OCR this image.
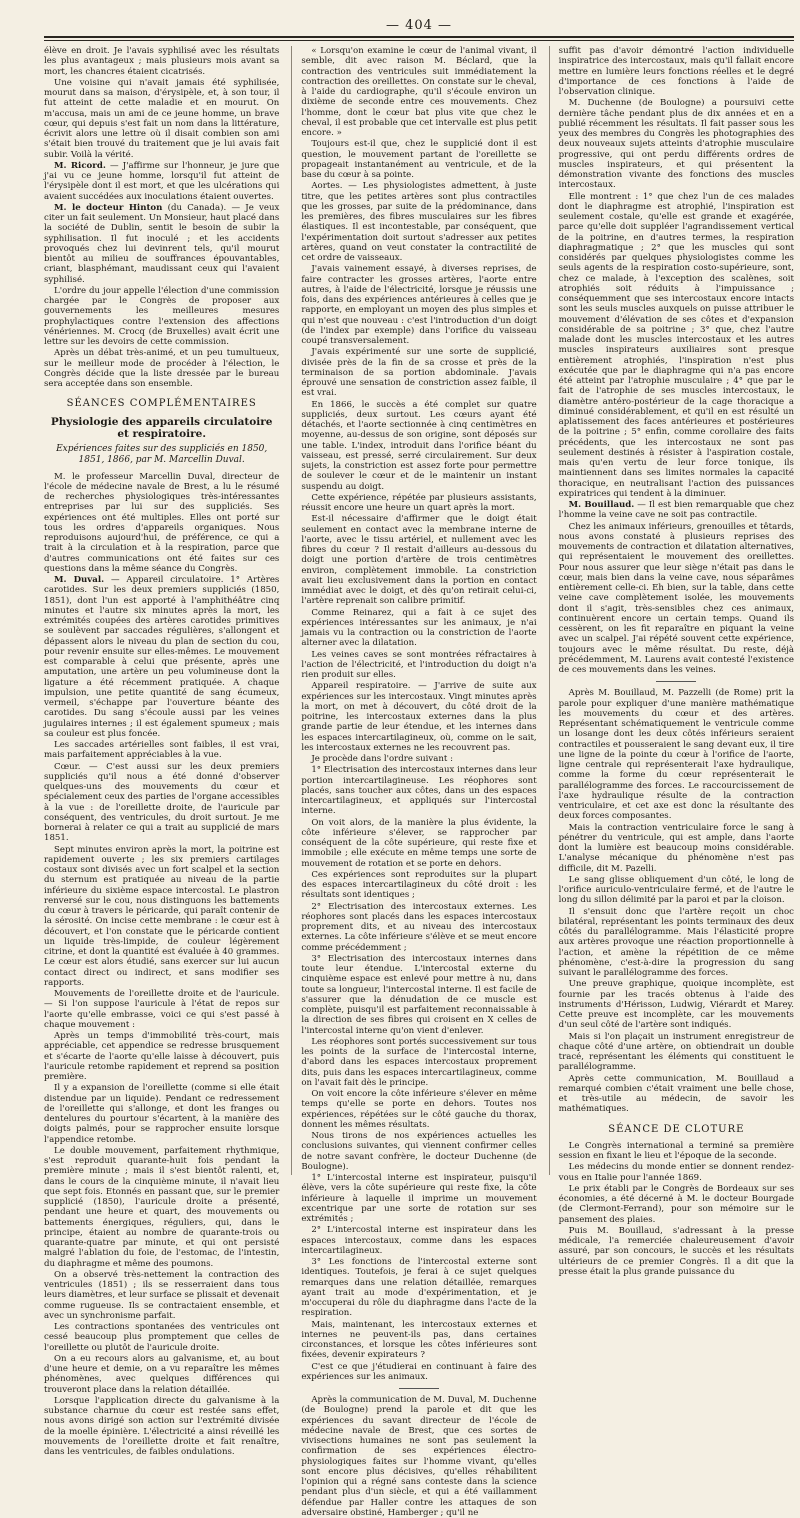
— 404 —

élève en droit. Je l'avais syphilisé avec les résultats les plus avantageux ; mais plusieurs mois avant sa mort, les chancres étaient cicatrisés.

Une voisine qui n'avait jamais été syphilisée, mourut dans sa maison, d'érysipèle, et, à son tour, il fut atteint de cette maladie et en mourut. On m'accusa, mais un ami de ce jeune homme, un brave cœur, qui depuis s'est fait un nom dans la littérature, écrivit alors une lettre où il disait combien son ami s'était bien trouvé du traitement que je lui avais fait subir. Voilà la vérité.

M. Ricord. — J'affirme sur l'honneur, je jure que j'ai vu ce jeune homme, lorsqu'il fut atteint de l'érysipèle dont il est mort, et que les ulcérations qui avaient succédées aux inoculations étaient ouvertes.

M. le docteur Hinton (du Canada). — Je veux citer un fait seulement. Un Monsieur, haut placé dans la société de Dublin, sentit le besoin de subir la syphilisation. Il fut inoculé ; et les accidents provoqués chez lui devinrent tels, qu'il mourut bientôt au milieu de souffrances épouvantables, criant, blasphémant, maudissant ceux qui l'avaient syphilisé.

L'ordre du jour appelle l'élection d'une commission chargée par le Congrès de proposer aux gouvernements les meilleures mesures prophylactiques contre l'extension des affections vénériennes. M. Crocq (de Bruxelles) avait écrit une lettre sur les devoirs de cette commission.

Après un débat très-animé, et un peu tumultueux, sur le meilleur mode de procéder à l'élection, le Congrès décide que la liste dressée par le bureau sera acceptée dans son ensemble.

SÉANCES COMPLÉMENTAIRES
Physiologie des appareils circulatoire et respiratoire.
Expériences faites sur des suppliciés en 1850, 1851, 1866, par M. Marcellin Duval.

M. le professeur Marcellin Duval, directeur de l'école de médecine navale de Brest, a lu le résumé de recherches physiologiques très-intéressantes entreprises par lui sur des suppliciés. Ses expériences ont été multiples. Elles ont porté sur tous les ordres d'appareils organiques. Nous reproduisons aujourd'hui, de préférence, ce qui a trait à la circulation et à la respiration, parce que d'autres communications ont été faites sur ces questions dans la même séance du Congrès.

M. Duval. — Appareil circulatoire. 1° Artères carotides. Sur les deux premiers suppliciés (1850, 1851), dont l'un est apporté à l'amphithéâtre cinq minutes et l'autre six minutes après la mort, les extrémités coupées des artères carotides primitives se soulèvent par saccades régulières, s'allongent et dépassent alors le niveau du plan de section du cou, pour revenir ensuite sur elles-mêmes. Le mouvement est comparable à celui que présente, après une amputation, une artère un peu volumineuse dont la ligature a été récemment pratiquée. A chaque impulsion, une petite quantité de sang écumeux, vermeil, s'échappe par l'ouverture béante des carotides. Du sang s'écoule aussi par les veines jugulaires internes ; il est également spumeux ; mais sa couleur est plus foncée.

Les saccades artérielles sont faibles, il est vrai, mais parfaitement appréciables à la vue.

Cœur. — C'est aussi sur les deux premiers suppliciés qu'il nous a été donné d'observer quelques-uns des mouvements du cœur et spécialement ceux des parties de l'organe accessibles à la vue : de l'oreillette droite, de l'auricule par conséquent, des ventricules, du droit surtout. Je me bornerai à relater ce qui a trait au supplicié de mars 1851.

Sept minutes environ après la mort, la poitrine est rapidement ouverte ; les six premiers cartilages costaux sont divisés avec un fort scalpel et la section du sternum est pratiquée au niveau de la partie inférieure du sixième espace intercostal. Le plastron renversé sur le cou, nous distinguons les battements du cœur à travers le péricarde, qui paraît contenir de la sérosité. On incise cette membrane : le cœur est à découvert, et l'on constate que le péricarde contient un liquide très-limpide, de couleur légèrement citrine, et dont la quantité est évaluée à 40 grammes. Le cœur est alors étudié, sans exercer sur lui aucun contact direct ou indirect, et sans modifier ses rapports.

Mouvements de l'oreillette droite et de l'auricule. — Si l'on suppose l'auricule à l'état de repos sur l'aorte qu'elle embrasse, voici ce qui s'est passé à chaque mouvement :

Après un temps d'immobilité très-court, mais appréciable, cet appendice se redresse brusquement et s'écarte de l'aorte qu'elle laisse à découvert, puis l'auricule retombe rapidement et reprend sa position première.

Il y a expansion de l'oreillette (comme si elle était distendue par un liquide). Pendant ce redressement de l'oreillette qui s'allonge, et dont les franges ou dentelures du pourtour s'écartent, à la manière des doigts palmés, pour se rapprocher ensuite lorsque l'appendice retombe.

Le double mouvement, parfaitement rhythmique, s'est reproduit quarante-huit fois pendant la première minute ; mais il s'est bientôt ralenti, et, dans le cours de la cinquième minute, il n'avait lieu que sept fois. Etonnés en passant que, sur le premier supplicié (1850), l'auricule droite a présenté, pendant une heure et quart, des mouvements ou battements énergiques, réguliers, qui, dans le principe, étaient au nombre de quarante-trois ou quarante-quatre par minute, et qui ont persisté malgré l'ablation du foie, de l'estomac, de l'intestin, du diaphragme et même des poumons.

On a observé très-nettement la contraction des ventricules (1851) ; ils se resserraient dans tous leurs diamètres, et leur surface se plissait et devenait comme rugueuse. Ils se contractaient ensemble, et avec un synchronisme parfait.

Les contractions spontanées des ventricules ont cessé beaucoup plus promptement que celles de l'oreillette ou plutôt de l'auricule droite.

On a eu recours alors au galvanisme, et, au bout d'une heure et demie, on a vu reparaître les mêmes phénomènes, avec quelques différences qui trouveront place dans la relation détaillée.

Lorsque l'application directe du galvanisme à la substance charnue du cœur est restée sans effet, nous avons dirigé son action sur l'extrémité divisée de la moelle épinière. L'électricité a ainsi réveillé les mouvements de l'oreillette droite et fait renaître, dans les ventricules, de faibles ondulations.

« Lorsqu'on examine le cœur de l'animal vivant, il semble, dit avec raison M. Béclard, que la contraction des ventricules suit immédiatement la contraction des oreillettes. On constate sur le cheval, à l'aide du cardiographe, qu'il s'écoule environ un dixième de seconde entre ces mouvements. Chez l'homme, dont le cœur bat plus vite que chez le cheval, il est probable que cet intervalle est plus petit encore. »

Toujours est-il que, chez le supplicié dont il est question, le mouvement partant de l'oreillette se propageait instantanément au ventricule, et de la base du cœur à sa pointe.

Aortes. — Les physiologistes admettent, à juste titre, que les petites artères sont plus contractiles que les grosses, par suite de la prédominance, dans les premières, des fibres musculaires sur les fibres élastiques. Il est incontestable, par conséquent, que l'expérimentation doit surtout s'adresser aux petites artères, quand on veut constater la contractilité de cet ordre de vaisseaux.

J'avais vainement essayé, à diverses reprises, de faire contracter les grosses artères, l'aorte entre autres, à l'aide de l'électricité, lorsque je réussis une fois, dans des expériences antérieures à celles que je rapporte, en employant un moyen des plus simples et qui n'est que nouveau : c'est l'introduction d'un doigt (de l'index par exemple) dans l'orifice du vaisseau coupé transversalement.

J'avais expérimenté sur une sorte de supplicié, divisée près de la fin de sa crosse et près de la terminaison de sa portion abdominale. J'avais éprouvé une sensation de constriction assez faible, il est vrai.

En 1866, le succès a été complet sur quatre suppliciés, deux surtout. Les cœurs ayant été détachés, et l'aorte sectionnée à cinq centimètres en moyenne, au-dessus de son origine, sont déposés sur une table. L'index, introduit dans l'orifice béant du vaisseau, est pressé, serré circulairement. Sur deux sujets, la constriction est assez forte pour permettre de soulever le cœur et de le maintenir un instant suspendu au doigt.

Cette expérience, répétée par plusieurs assistants, réussit encore une heure un quart après la mort.

Est-il nécessaire d'affirmer que le doigt était seulement en contact avec la membrane interne de l'aorte, avec le tissu artériel, et nullement avec les fibres du cœur ? Il restait d'ailleurs au-dessous du doigt une portion d'artère de trois centimètres environ, complètement immobile. La constriction avait lieu exclusivement dans la portion en contact immédiat avec le doigt, et dès qu'on retirait celui-ci, l'artère reprenait son calibre primitif.

Comme Reinarez, qui a fait à ce sujet des expériences intéressantes sur les animaux, je n'ai jamais vu la contraction ou la constriction de l'aorte alterner avec la dilatation.

Les veines caves se sont montrées réfractaires à l'action de l'électricité, et l'introduction du doigt n'a rien produit sur elles.

Appareil respiratoire. — J'arrive de suite aux expériences sur les intercostaux. Vingt minutes après la mort, on met à découvert, du côté droit de la poitrine, les intercostaux externes dans la plus grande partie de leur étendue, et les internes dans les espaces intercartilagineux, où, comme on le sait, les intercostaux externes ne les recouvrent pas.

Je procède dans l'ordre suivant :

1° Electrisation des intercostaux internes dans leur portion intercartilagineuse. Les réophores sont placés, sans toucher aux côtes, dans un des espaces intercartilagineux, et appliqués sur l'intercostal interne.

On voit alors, de la manière la plus évidente, la côte inférieure s'élever, se rapprocher par conséquent de la côte supérieure, qui reste fixe et immobile ; elle exécute en même temps une sorte de mouvement de rotation et se porte en dehors.

Ces expériences sont reproduites sur la plupart des espaces intercartilagineux du côté droit : les résultats sont identiques ;

2° Electrisation des intercostaux externes. Les réophores sont placés dans les espaces intercostaux proprement dits, et au niveau des intercostaux externes. La côte inférieure s'élève et se meut encore comme précédemment ;

3° Electrisation des intercostaux internes dans toute leur étendue. L'intercostal externe du cinquième espace est enlevé pour mettre à nu, dans toute sa longueur, l'intercostal interne. Il est facile de s'assurer que la dénudation de ce muscle est complète, puisqu'il est parfaitement reconnaissable à la direction de ses fibres qui croisent en X celles de l'intercostal interne qu'on vient d'enlever.

Les réophores sont portés successivement sur tous les points de la surface de l'intercostal interne, d'abord dans les espaces intercostaux proprement dits, puis dans les espaces intercartilagineux, comme on l'avait fait dès le principe.

On voit encore la côte inférieure s'élever en même temps qu'elle se porte en dehors. Toutes nos expériences, répétées sur le côté gauche du thorax, donnent les mêmes résultats.

Nous tirons de nos expériences actuelles les conclusions suivantes, qui viennent confirmer celles de notre savant confrère, le docteur Duchenne (de Boulogne).

1° L'intercostal interne est inspirateur, puisqu'il élève, vers la côte supérieure qui reste fixe, la côte inférieure à laquelle il imprime un mouvement excentrique par une sorte de rotation sur ses extrémités ;

2° L'intercostal interne est inspirateur dans les espaces intercostaux, comme dans les espaces intercartilagineux.

3° Les fonctions de l'intercostal externe sont identiques. Toutefois, je ferai à ce sujet quelques remarques dans une relation détaillée, remarques ayant trait au mode d'expérimentation, et je m'occuperai du rôle du diaphragme dans l'acte de la respiration.

Mais, maintenant, les intercostaux externes et internes ne peuvent-ils pas, dans certaines circonstances, et lorsque les côtes inférieures sont fixées, devenir expirateurs ?

C'est ce que j'étudierai en continuant à faire des expériences sur les animaux.

Après la communication de M. Duval, M. Duchenne (de Boulogne) prend la parole et dit que les expériences du savant directeur de l'école de médecine navale de Brest, que ces sortes de vivisections humaines ne sont pas seulement la confirmation de ses expériences électro-physiologiques faites sur l'homme vivant, qu'elles sont encore plus décisives, qu'elles réhabilitent l'opinion qui a régné sans conteste dans la science pendant plus d'un siècle, et qui a été vaillamment défendue par Haller contre les attaques de son adversaire obstiné, Hamberger ; qu'il ne

suffit pas d'avoir démontré l'action individuelle inspiratrice des intercostaux, mais qu'il fallait encore mettre en lumière leurs fonctions réelles et le degré d'importance de ces fonctions à l'aide de l'observation clinique.

M. Duchenne (de Boulogne) a poursuivi cette dernière tâche pendant plus de dix années et en a publié récemment les résultats. Il fait passer sous les yeux des membres du Congrès les photographies des deux nouveaux sujets atteints d'atrophie musculaire progressive, qui ont perdu différents ordres de muscles inspirateurs, et qui présentent la démonstration vivante des fonctions des muscles intercostaux.

Elle montrent : 1° que chez l'un de ces malades dont le diaphragme est atrophié, l'inspiration est seulement costale, qu'elle est grande et exagérée, parce qu'elle doit suppléer l'agrandissement vertical de la poitrine, en d'autres termes, la respiration diaphragmatique ; 2° que les muscles qui sont considérés par quelques physiologistes comme les seuls agents de la respiration costo-supérieure, sont, chez ce malade, à l'exception des scalènes, soit atrophiés soit réduits à l'impuissance ; conséquemment que ses intercostaux encore intacts sont les seuls muscles auxquels on puisse attribuer le mouvement d'élévation de ses côtes et d'expansion considérable de sa poitrine ; 3° que, chez l'autre malade dont les muscles intercostaux et les autres muscles inspirateurs auxiliaires sont presque entièrement atrophiés, l'inspiration n'est plus exécutée que par le diaphragme qui n'a pas encore été atteint par l'atrophie musculaire ; 4° que par le fait de l'atrophie de ses muscles intercostaux, le diamètre antéro-postérieur de la cage thoracique a diminué considérablement, et qu'il en est résulté un aplatissement des faces antérieures et postérieures de la poitrine ; 5° enfin, comme corollaire des faits précédents, que les intercostaux ne sont pas seulement destinés à résister à l'aspiration costale, mais qu'en vertu de leur force tonique, ils maintiennent dans ses limites normales la capacité thoracique, en neutralisant l'action des puissances expiratrices qui tendent à la diminuer.

M. Bouillaud. — Il est bien remarquable que chez l'homme la veine cave ne soit pas contractile.

Chez les animaux inférieurs, grenouilles et têtards, nous avons constaté à plusieurs reprises des mouvements de contraction et dilatation alternatives, qui représentaient le mouvement des oreillettes. Pour nous assurer que leur siège n'était pas dans le cœur, mais bien dans la veine cave, nous séparâmes entièrement celle-ci. Eh bien, sur la table, dans cette veine cave complètement isolée, les mouvements dont il s'agit, très-sensibles chez ces animaux, continuèrent encore un certain temps. Quand ils cessèrent, on les fit reparaître en piquant la veine avec un scalpel. J'ai répété souvent cette expérience, toujours avec le même résultat. Du reste, déjà précédemment, M. Laurens avait contesté l'existence de ces mouvements dans les veines.

Après M. Bouillaud, M. Pazzelli (de Rome) prit la parole pour expliquer d'une manière mathématique les mouvements du cœur et des artères. Représentant schématiquement le ventricule comme un losange dont les deux côtés inférieurs seraient contractiles et pousseraient le sang devant eux, il tire une ligne de la pointe du cœur à l'orifice de l'aorte, ligne centrale qui représenterait l'axe hydraulique, comme la forme du cœur représenterait le parallélogramme des forces. Le raccourcissement de l'axe hydraulique résulte de la contraction ventriculaire, et cet axe est donc la résultante des deux forces composantes.

Mais la contraction ventriculaire force le sang à pénétrer du ventricule, qui est ample, dans l'aorte dont la lumière est beaucoup moins considérable. L'analyse mécanique du phénomène n'est pas difficile, dit M. Pazelli.

Le sang glisse obliquement d'un côté, le long de l'orifice auriculo-ventriculaire fermé, et de l'autre le long du sillon délimité par la paroi et par la cloison.

Il s'ensuit donc que l'artère reçoit un choc bilatéral, représentant les points terminaux des deux côtés du parallélogramme. Mais l'élasticité propre aux artères provoque une réaction proportionnelle à l'action, et amène la répétition de ce même phénomène, c'est-à-dire la progression du sang suivant le parallélogramme des forces.

Une preuve graphique, quoique incomplète, est fournie par les tracés obtenus à l'aide des instruments d'Hérisson, Ludwig, Viérardt et Marey. Cette preuve est incomplète, car les mouvements d'un seul côté de l'artère sont indiqués.

Mais si l'on plaçait un instrument enregistreur de chaque côté d'une artère, on obtiendrait un double tracé, représentant les éléments qui constituent le parallélogramme.

Après cette communication, M. Bouillaud a remarqué combien c'était vraiment une belle chose, et très-utile au médecin, de savoir les mathématiques.

SÉANCE DE CLOTURE

Le Congrès international a terminé sa première session en fixant le lieu et l'époque de la seconde.

Les médecins du monde entier se donnent rendez-vous en Italie pour l'année 1869.

Le prix établi par le Congrès de Bordeaux sur ses économies, a été décerné à M. le docteur Bourgade (de Clermont-Ferrand), pour son mémoire sur le pansement des plaies.

Puis M. Bouillaud, s'adressant à la presse médicale, l'a remerciée chaleureusement d'avoir assuré, par son concours, le succès et les résultats ultérieurs de ce premier Congrès. Il a dit que la presse était la plus grande puissance du
